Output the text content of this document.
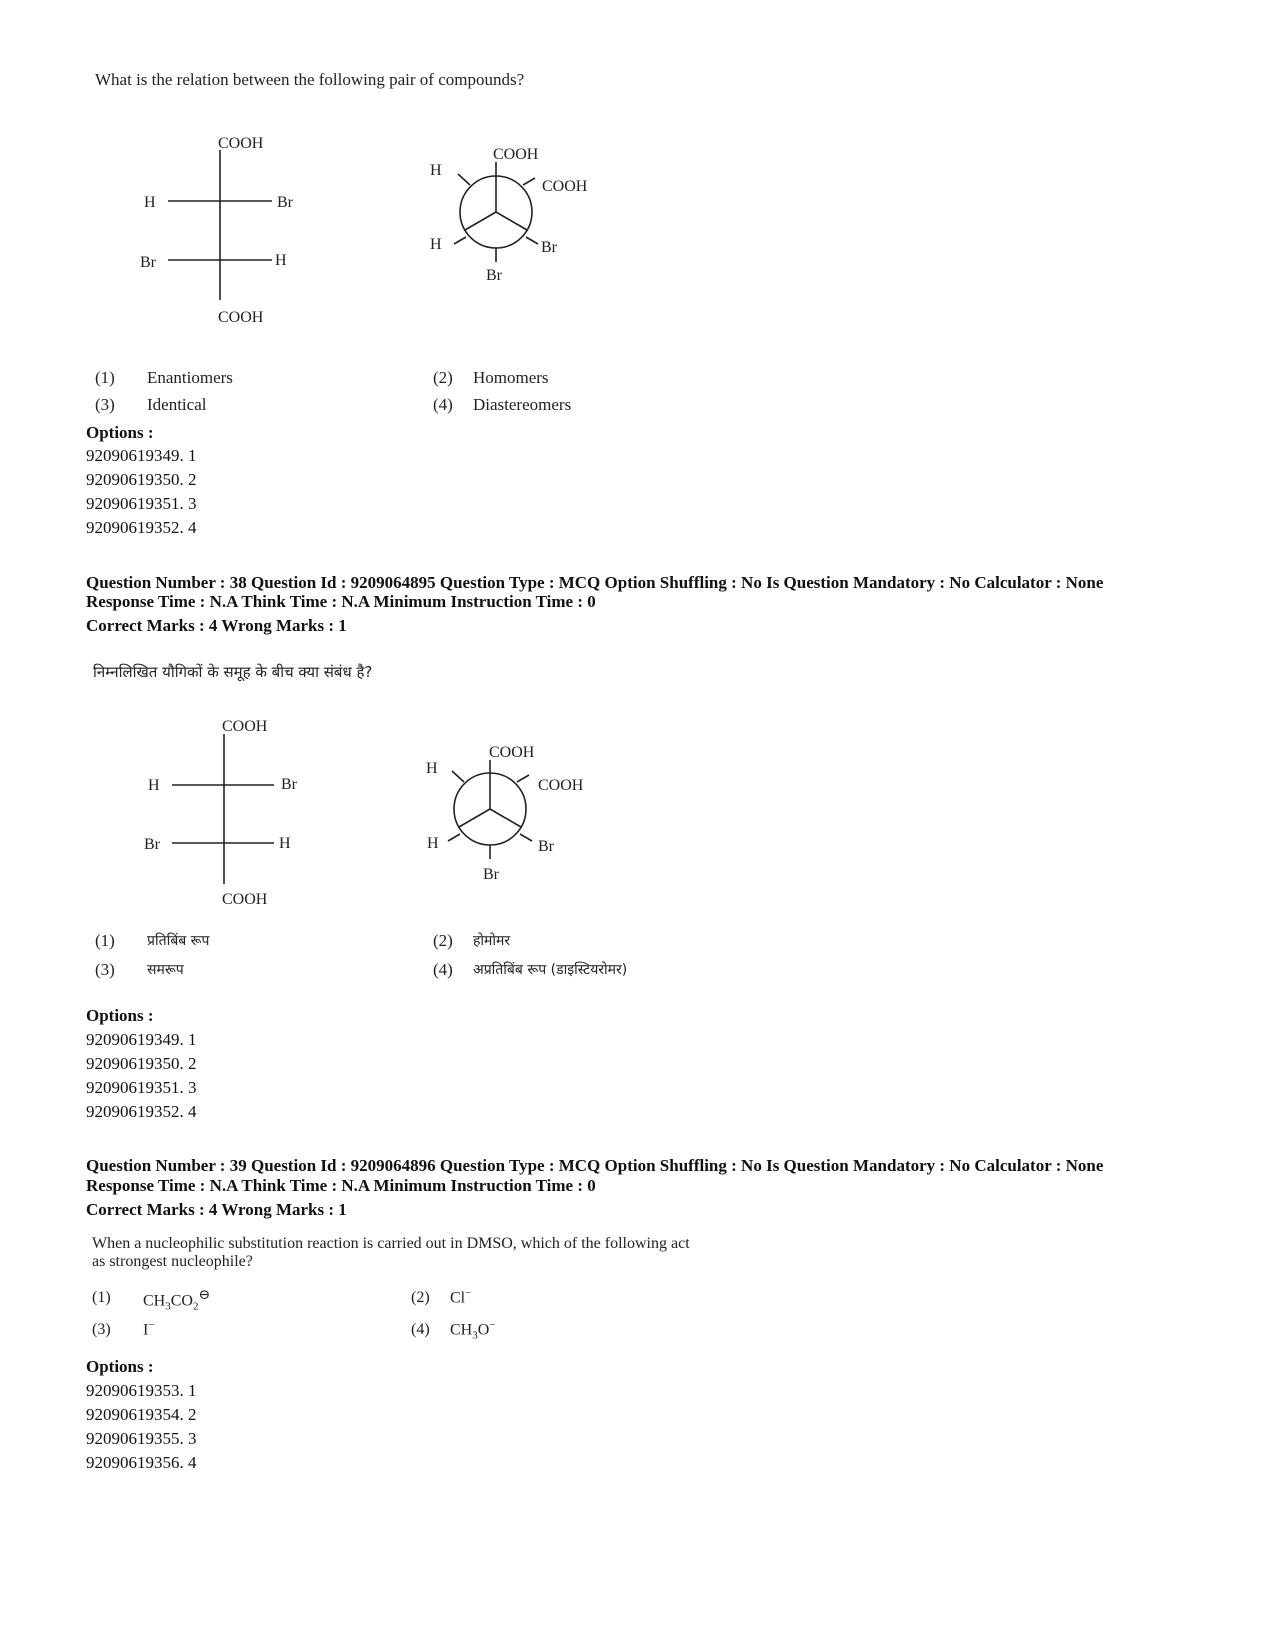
What is the relation between the following pair of compounds?
COOH
COOH
H	Br
Br	H
COOH
COOH
H
H
Br
Br
(1) Enantiomers	(2) Homomers
(3) Identical	(4) Diastereomers
Options :
92090619349. 1
92090619350. 2
92090619351. 3
92090619352. 4
Question Number : 38 Question Id : 9209064895 Question Type : MCQ Option Shuffling : No Is Question Mandatory : No Calculator : None
Response Time : N.A Think Time : N.A Minimum Instruction Time : 0
Correct Marks : 4 Wrong Marks : 1
निम्नलिखित यौगिकों के समूह के बीच क्या संबंध है?
COOH
COOH
H	Br
Br	H
COOH
COOH
H
H
Br
Br
(1) प्रतिबिंब रूप	(2) होमोमर
(3) समरूप	(4) अप्रतिबिंब रूप (डाइस्टियरोमर)
Options :
92090619349. 1
92090619350. 2
92090619351. 3
92090619352. 4
Question Number : 39 Question Id : 9209064896 Question Type : MCQ Option Shuffling : No Is Question Mandatory : No Calculator : None
Response Time : N.A Think Time : N.A Minimum Instruction Time : 0
Correct Marks : 4 Wrong Marks : 1
When a nucleophilic substitution reaction is carried out in DMSO, which of the following act
as strongest nucleophile?
(1) $CH_3CO_2^⊖$	(2) Cl−
(3) I−	(4) $CH_3O^-$
Options :
92090619353. 1
92090619354. 2
92090619355. 3
92090619356. 4
